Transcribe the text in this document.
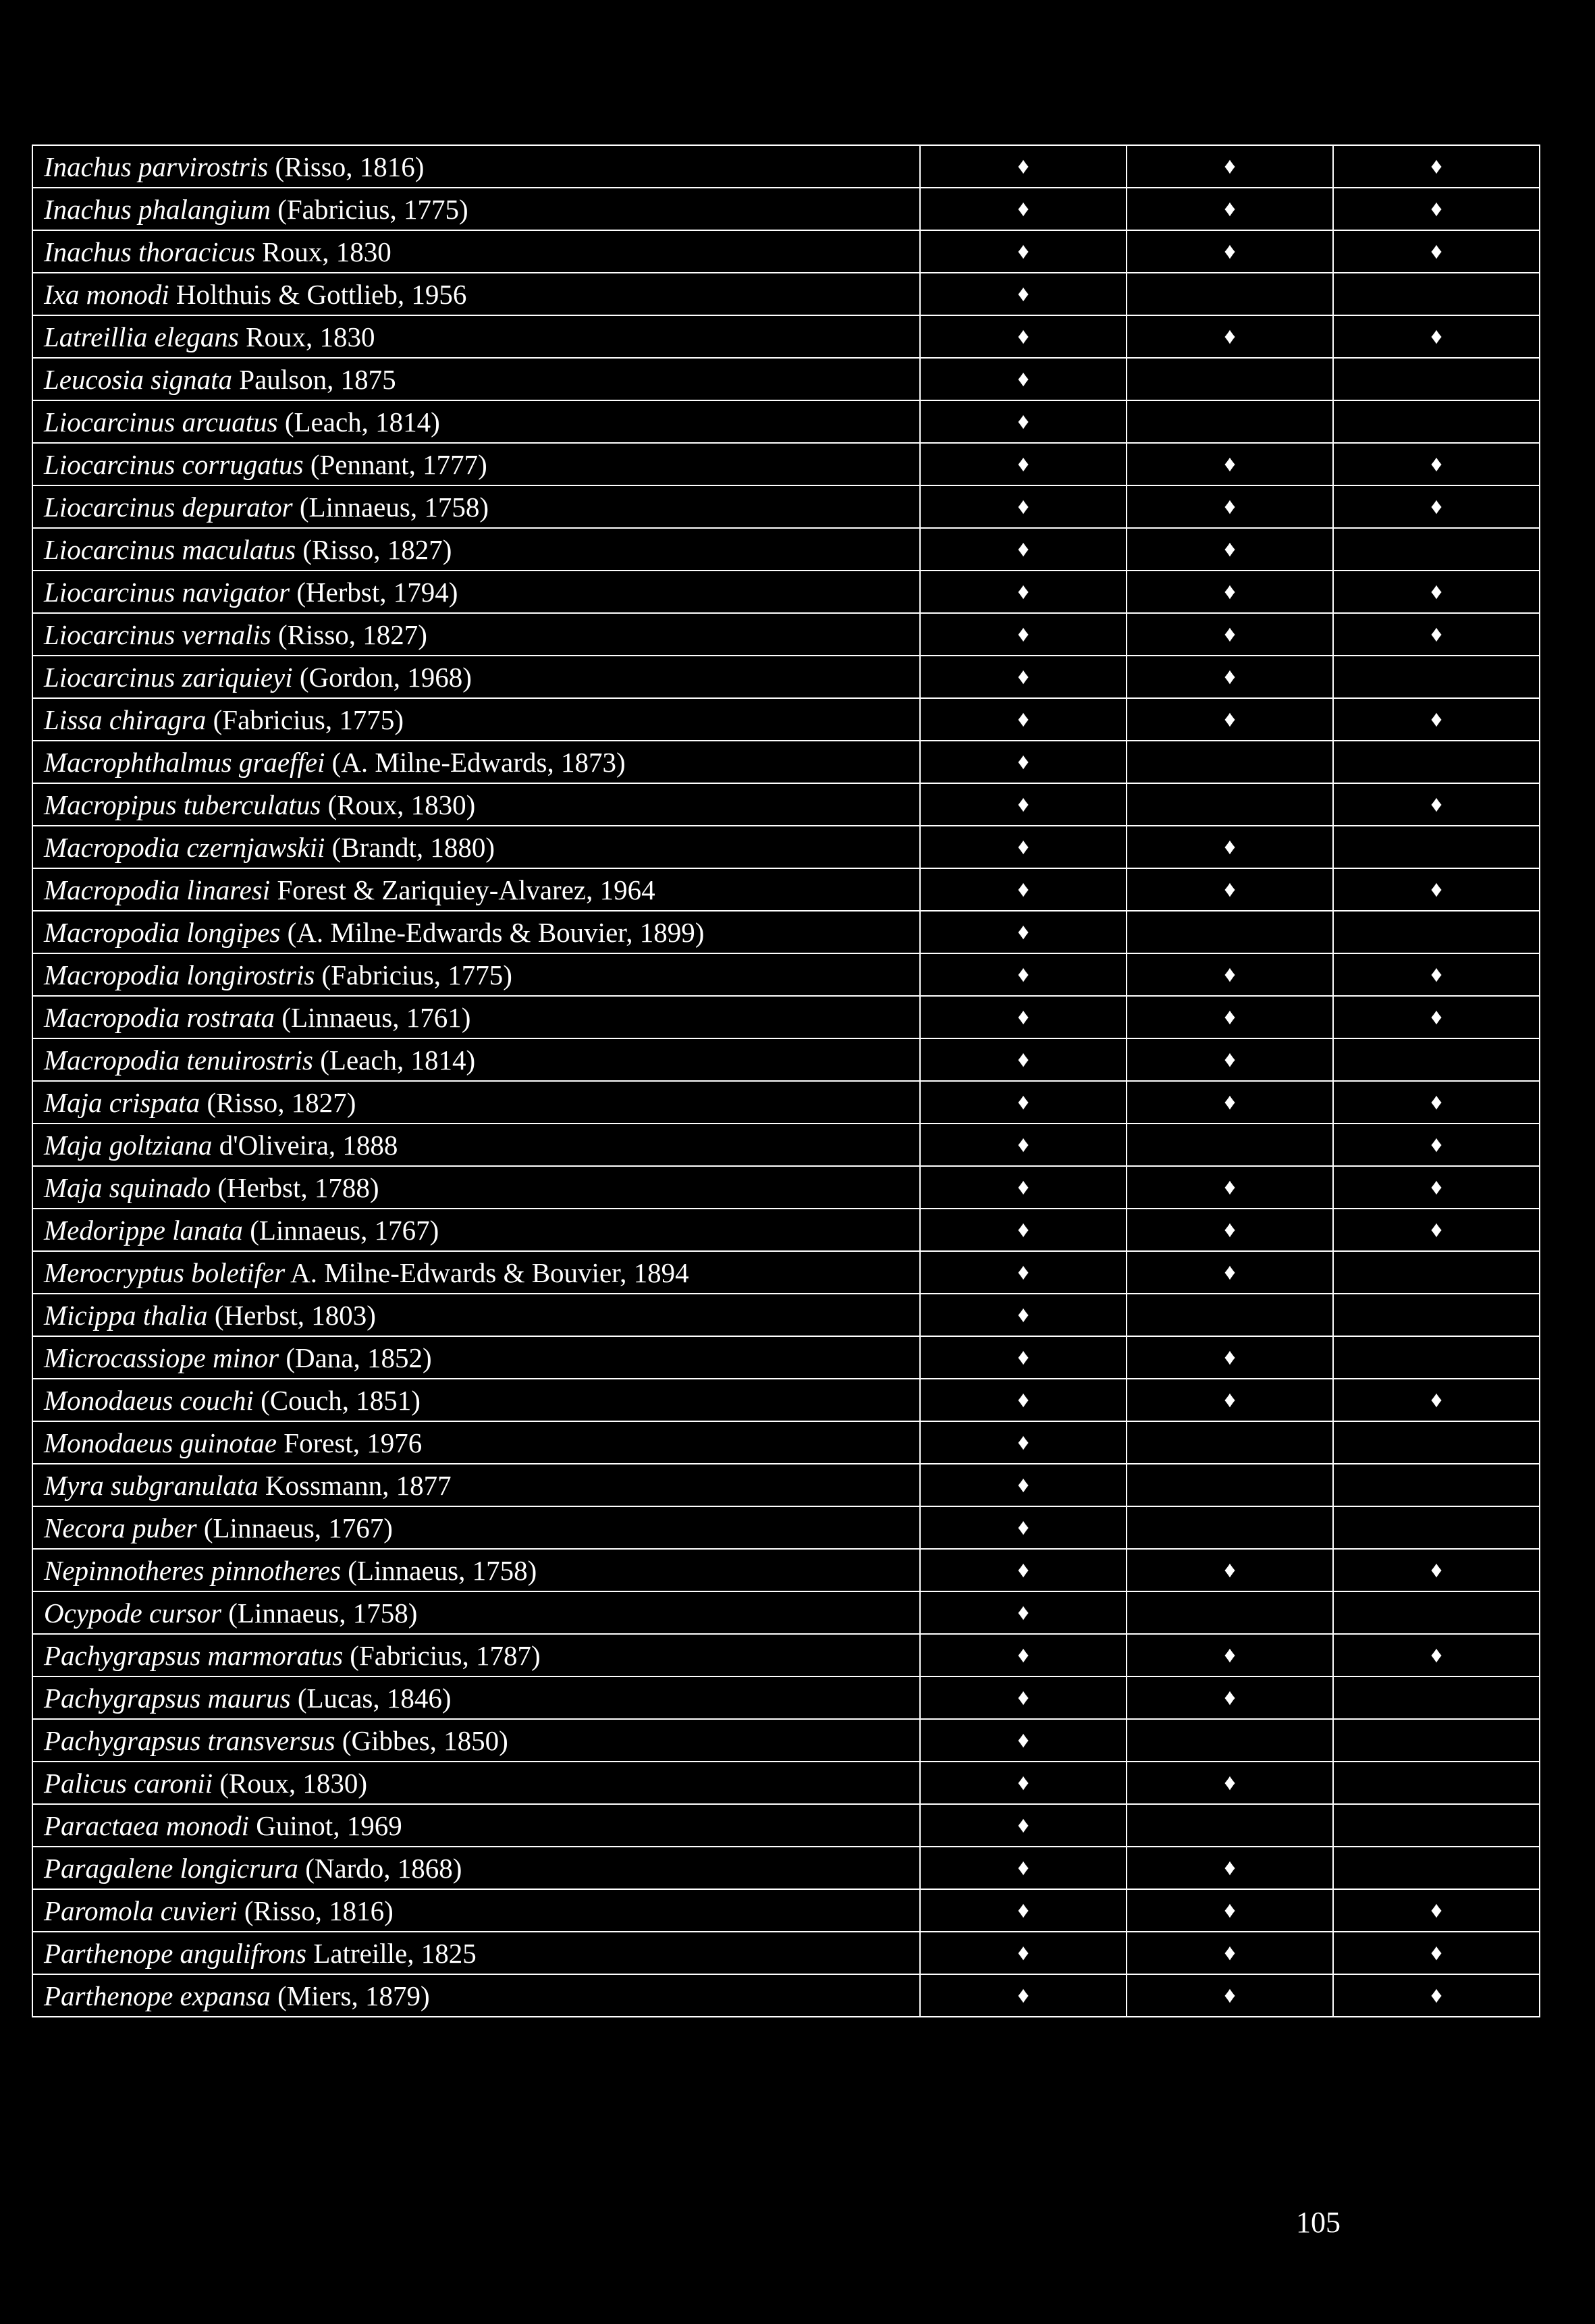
Inachus parvirostris (Risso, 1816)	♦	♦	♦
Inachus phalangium (Fabricius, 1775)	♦	♦	♦
Inachus thoracicus Roux, 1830	♦	♦	♦
Ixa monodi Holthuis & Gottlieb, 1956	♦		
Latreillia elegans Roux, 1830	♦	♦	♦
Leucosia signata Paulson, 1875	♦		
Liocarcinus arcuatus (Leach, 1814)	♦		
Liocarcinus corrugatus (Pennant, 1777)	♦	♦	♦
Liocarcinus depurator (Linnaeus, 1758)	♦	♦	♦
Liocarcinus maculatus (Risso, 1827)	♦	♦	
Liocarcinus navigator (Herbst, 1794)	♦	♦	♦
Liocarcinus vernalis (Risso, 1827)	♦	♦	♦
Liocarcinus zariquieyi (Gordon, 1968)	♦	♦	
Lissa chiragra (Fabricius, 1775)	♦	♦	♦
Macrophthalmus graeffei (A. Milne-Edwards, 1873)	♦		
Macropipus tuberculatus (Roux, 1830)	♦		♦
Macropodia czernjawskii (Brandt, 1880)	♦	♦	
Macropodia linaresi Forest & Zariquiey-Alvarez, 1964	♦	♦	♦
Macropodia longipes (A. Milne-Edwards & Bouvier, 1899)	♦		
Macropodia longirostris (Fabricius, 1775)	♦	♦	♦
Macropodia rostrata (Linnaeus, 1761)	♦	♦	♦
Macropodia tenuirostris (Leach, 1814)	♦	♦	
Maja crispata (Risso, 1827)	♦	♦	♦
Maja goltziana d'Oliveira, 1888	♦		♦
Maja squinado (Herbst, 1788)	♦	♦	♦
Medorippe lanata (Linnaeus, 1767)	♦	♦	♦
Merocryptus boletifer A. Milne-Edwards & Bouvier, 1894	♦	♦	
Micippa thalia (Herbst, 1803)	♦		
Microcassiope minor (Dana, 1852)	♦	♦	
Monodaeus couchi (Couch, 1851)	♦	♦	♦
Monodaeus guinotae Forest, 1976	♦		
Myra subgranulata Kossmann, 1877	♦		
Necora puber (Linnaeus, 1767)	♦		
Nepinnotheres pinnotheres (Linnaeus, 1758)	♦	♦	♦
Ocypode cursor (Linnaeus, 1758)	♦		
Pachygrapsus marmoratus (Fabricius, 1787)	♦	♦	♦
Pachygrapsus maurus (Lucas, 1846)	♦	♦	
Pachygrapsus transversus (Gibbes, 1850)	♦		
Palicus caronii (Roux, 1830)	♦	♦	
Paractaea monodi Guinot, 1969	♦		
Paragalene longicrura (Nardo, 1868)	♦	♦	
Paromola cuvieri (Risso, 1816)	♦	♦	♦
Parthenope angulifrons Latreille, 1825	♦	♦	♦
Parthenope expansa (Miers, 1879)	♦	♦	♦
105
